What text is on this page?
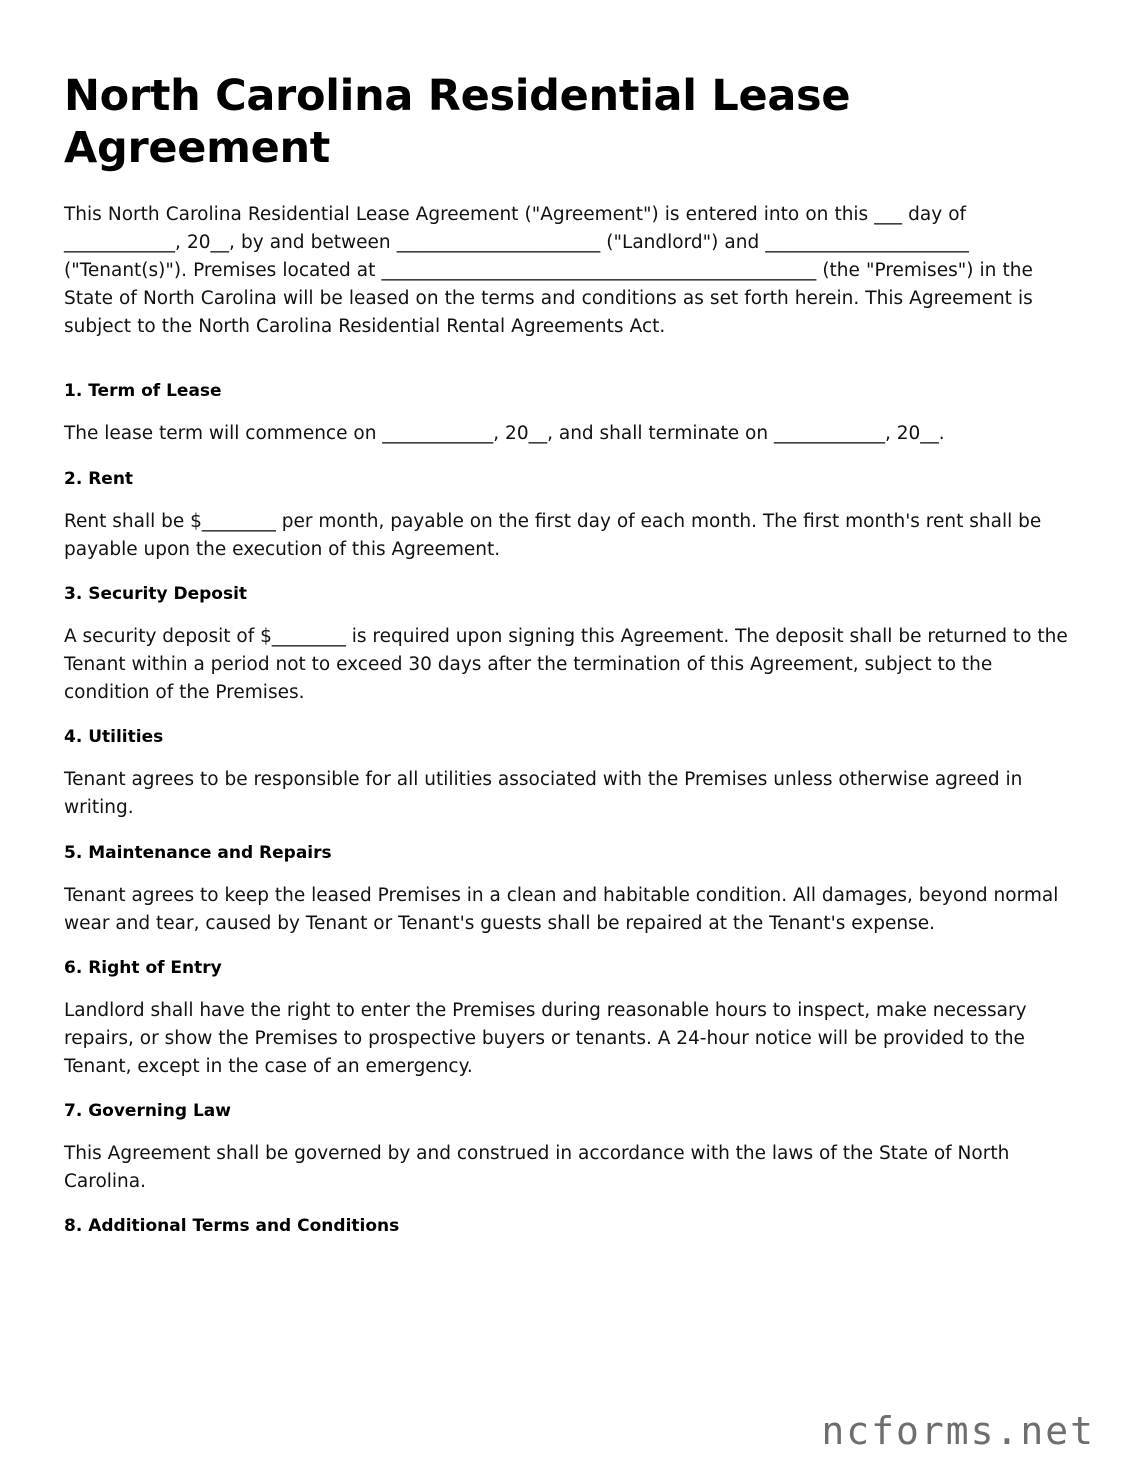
North Carolina Residential Lease Agreement

This North Carolina Residential Lease Agreement ("Agreement") is entered into on this ___ day of ____________, 20__, by and between ______________________ ("Landlord") and ______________________ ("Tenant(s)"). Premises located at _______________________________________________ (the "Premises") in the State of North Carolina will be leased on the terms and conditions as set forth herein. This Agreement is subject to the North Carolina Residential Rental Agreements Act.

1. Term of Lease

The lease term will commence on ____________, 20__, and shall terminate on ____________, 20__.

2. Rent

Rent shall be $________ per month, payable on the first day of each month. The first month's rent shall be payable upon the execution of this Agreement.

3. Security Deposit

A security deposit of $________ is required upon signing this Agreement. The deposit shall be returned to the Tenant within a period not to exceed 30 days after the termination of this Agreement, subject to the condition of the Premises.

4. Utilities

Tenant agrees to be responsible for all utilities associated with the Premises unless otherwise agreed in writing.

5. Maintenance and Repairs

Tenant agrees to keep the leased Premises in a clean and habitable condition. All damages, beyond normal wear and tear, caused by Tenant or Tenant's guests shall be repaired at the Tenant's expense.

6. Right of Entry

Landlord shall have the right to enter the Premises during reasonable hours to inspect, make necessary repairs, or show the Premises to prospective buyers or tenants. A 24-hour notice will be provided to the Tenant, except in the case of an emergency.

7. Governing Law

This Agreement shall be governed by and construed in accordance with the laws of the State of North Carolina.

8. Additional Terms and Conditions
ncforms.net
